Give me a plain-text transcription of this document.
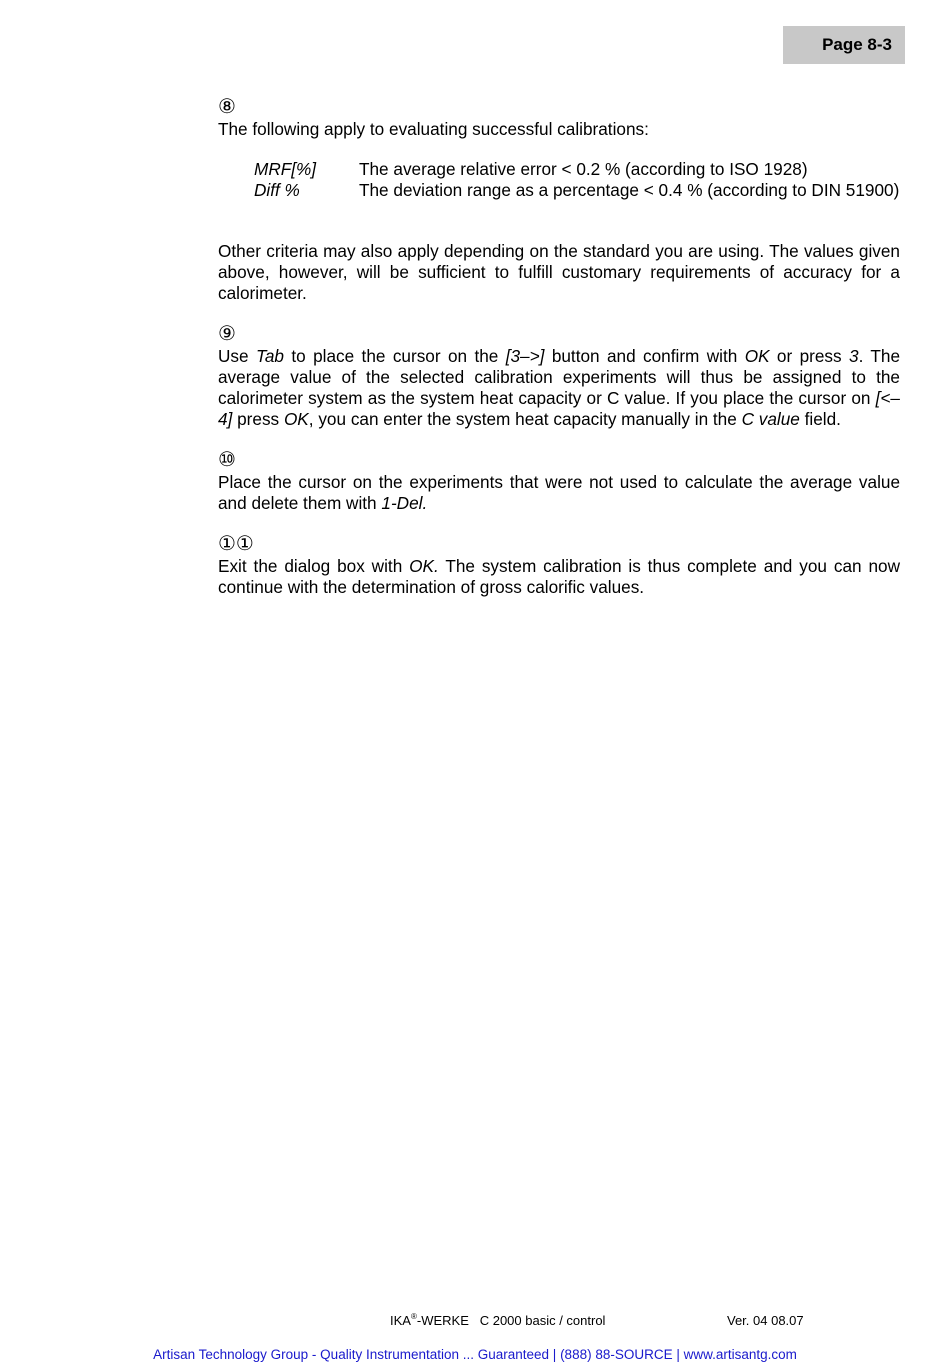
Page 8-3
⑧
The following apply to evaluating successful calibrations:
MRF[%]	The average relative error < 0.2 % (according to ISO 1928)
Diff %	The deviation range as a percentage < 0.4 % (according to DIN 51900)
Other criteria may also apply depending on the standard you are using. The values given above, however, will be sufficient to fulfill customary requirements of accuracy for a calorimeter.
⑨
Use Tab to place the cursor on the [3–>] button and confirm with OK or press 3. The average value of the selected calibration experiments will thus be assigned to the calorimeter system as the system heat capacity or C value. If you place the cursor on [<–4] press OK, you can enter the system heat capacity manually in the C value field.
⑩
Place the cursor on the experiments that were not used to calculate the average value and delete them with 1-Del.
①①
Exit the dialog box with OK. The system calibration is thus complete and you can now continue with the determination of gross calorific values.
IKA®-WERKE   C 2000 basic / control	Ver. 04 08.07
Artisan Technology Group - Quality Instrumentation ... Guaranteed | (888) 88-SOURCE | www.artisantg.com
